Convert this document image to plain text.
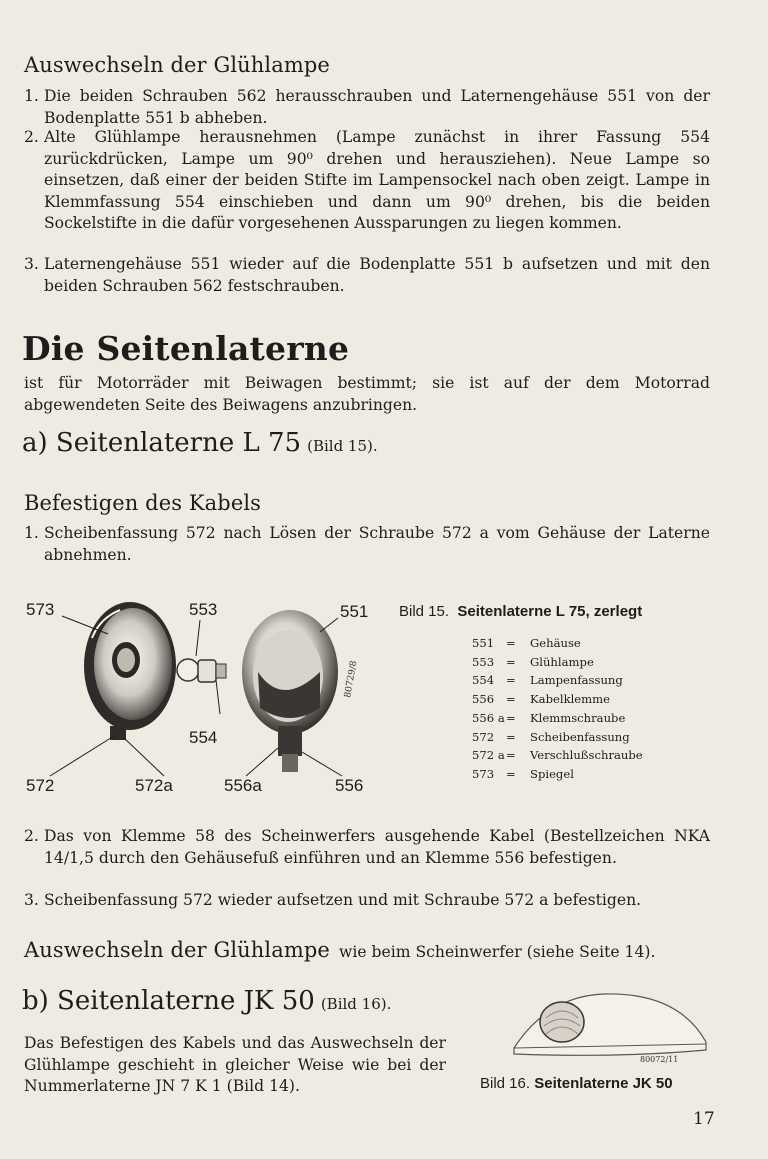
Auswechseln der Glühlampe
1. Die beiden Schrauben 562 herausschrauben und Laternengehäuse 551 von der Bodenplatte 551 b abheben.
2. Alte Glühlampe herausnehmen (Lampe zunächst in ihrer Fassung 554 zurückdrücken, Lampe um 90⁰ drehen und herausziehen). Neue Lampe so einsetzen, daß einer der beiden Stifte im Lampensockel nach oben zeigt. Lampe in Klemmfassung 554 einschieben und dann um 90⁰ drehen, bis die beiden Sockelstifte in die dafür vorgesehenen Aussparungen zu liegen kommen.
3. Laternengehäuse 551 wieder auf die Bodenplatte 551 b aufsetzen und mit den beiden Schrauben 562 festschrauben.
Die Seitenlaterne
ist für Motorräder mit Beiwagen bestimmt; sie ist auf der dem Motorrad abgewendeten Seite des Beiwagens anzubringen.
a) Seitenlaterne L 75 (Bild 15).
Befestigen des Kabels
1. Scheibenfassung 572 nach Lösen der Schraube 572 a vom Gehäuse der Laterne abnehmen.
80729/8
573	553	551
554
572	572a	556a	556
Bild 15. Seitenlaterne L 75, zerlegt
551	=	Gehäuse
553	=	Glühlampe
554	=	Lampenfassung
556	=	Kabelklemme
556 a =	Klemmschraube
572	=	Scheibenfassung
572 a =	Verschlußschraube
573	=	Spiegel
2. Das von Klemme 58 des Scheinwerfers ausgehende Kabel (Bestellzeichen NKA 14/1,5 durch den Gehäusefuß einführen und an Klemme 556 befestigen.
3. Scheibenfassung 572 wieder aufsetzen und mit Schraube 572 a befestigen.
Auswechseln der Glühlampe wie beim Scheinwerfer (siehe Seite 14).
b) Seitenlaterne JK 50 (Bild 16).
Das Befestigen des Kabels und das Auswechseln der Glühlampe geschieht in gleicher Weise wie bei der Nummerlaterne JN 7 K 1 (Bild 14).
80072/11
Bild 16. Seitenlaterne JK 50
17
